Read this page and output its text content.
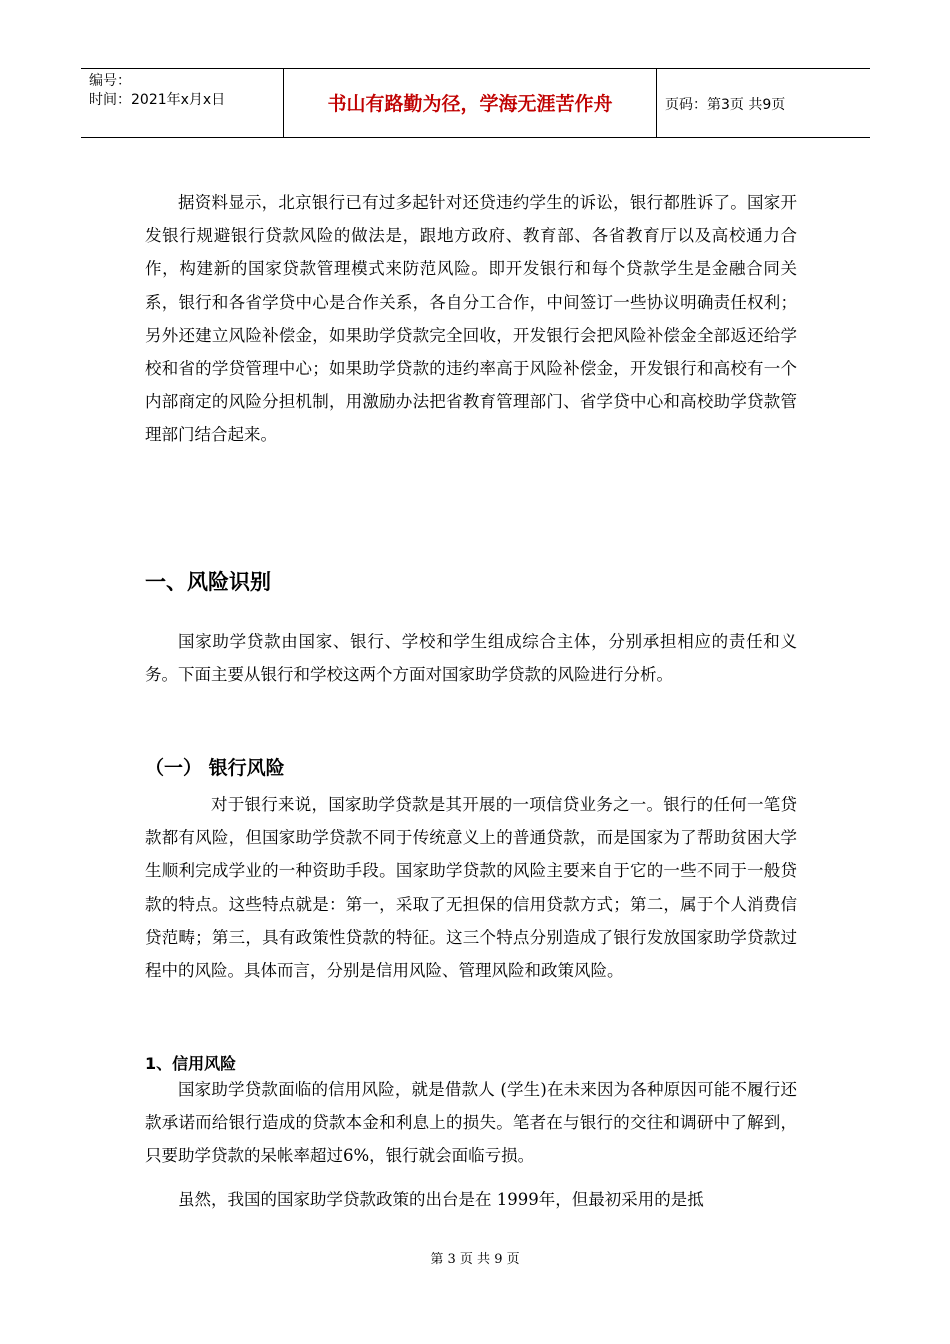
编号：
时间：2021年x月x日	书山有路勤为径，学海无涯苦作舟	页码：第3页 共9页

据资料显示，北京银行已有过多起针对还贷违约学生的诉讼，银行都胜诉了。国家开发银行规避银行贷款风险的做法是，跟地方政府、教育部、各省教育厅以及高校通力合作，构建新的国家贷款管理模式来防范风险。即开发银行和每个贷款学生是金融合同关系，银行和各省学贷中心是合作关系，各自分工合作，中间签订一些协议明确责任权利；另外还建立风险补偿金，如果助学贷款完全回收，开发银行会把风险补偿金全部返还给学校和省的学贷管理中心；如果助学贷款的违约率高于风险补偿金，开发银行和高校有一个内部商定的风险分担机制，用激励办法把省教育管理部门、省学贷中心和高校助学贷款管理部门结合起来。

一、风险识别

国家助学贷款由国家、银行、学校和学生组成综合主体，分别承担相应的责任和义务。下面主要从银行和学校这两个方面对国家助学贷款的风险进行分析。

（一） 银行风险

对于银行来说，国家助学贷款是其开展的一项信贷业务之一。银行的任何一笔贷款都有风险，但国家助学贷款不同于传统意义上的普通贷款，而是国家为了帮助贫困大学生顺利完成学业的一种资助手段。国家助学贷款的风险主要来自于它的一些不同于一般贷款的特点。这些特点就是：第一，采取了无担保的信用贷款方式；第二，属于个人消费信贷范畴；第三，具有政策性贷款的特征。这三个特点分别造成了银行发放国家助学贷款过程中的风险。具体而言，分别是信用风险、管理风险和政策风险。

1、信用风险

国家助学贷款面临的信用风险，就是借款人 (学生)在未来因为各种原因可能不履行还款承诺而给银行造成的贷款本金和利息上的损失。笔者在与银行的交往和调研中了解到，只要助学贷款的呆帐率超过6%，银行就会面临亏损。

虽然，我国的国家助学贷款政策的出台是在 1999年，但最初采用的是抵

第 3 页 共 9 页
